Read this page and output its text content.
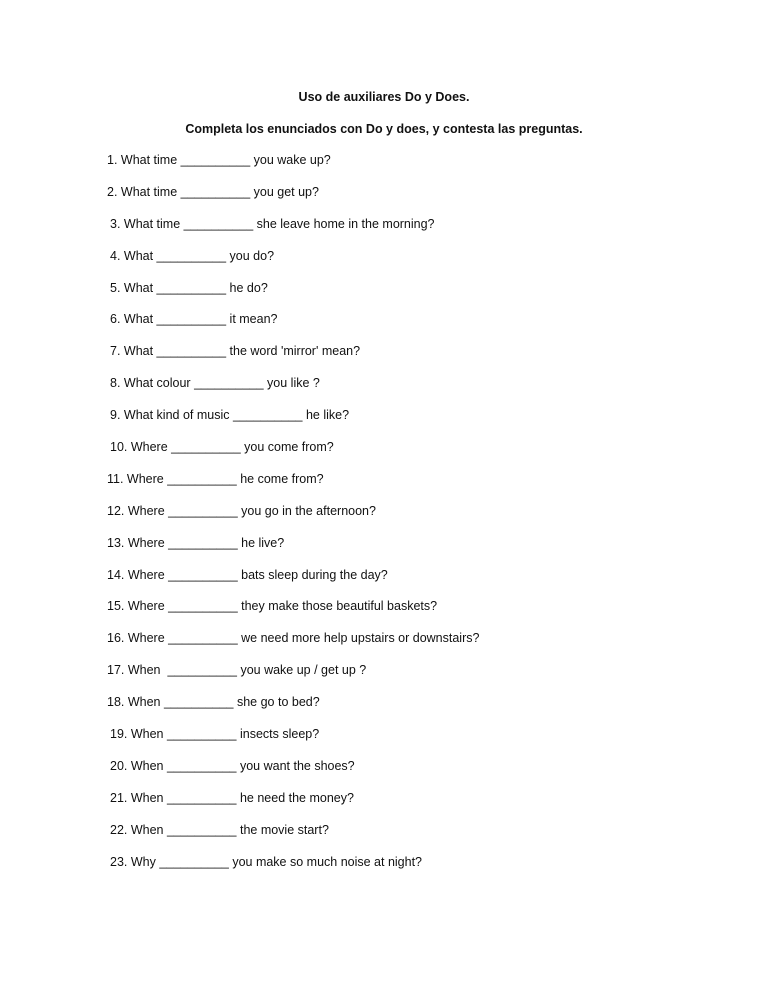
Uso de auxiliares Do y Does.
Completa los enunciados con Do y does, y contesta las preguntas.
1. What time __________ you wake up?
2. What time __________ you get up?
3. What time __________ she leave home in the morning?
4. What __________ you do?
5. What __________ he do?
6. What __________ it mean?
7. What __________ the word 'mirror' mean?
8. What colour __________ you like ?
9. What kind of music __________ he like?
10. Where __________ you come from?
11. Where __________ he come from?
12. Where __________ you go in the afternoon?
13. Where __________ he live?
14. Where __________ bats sleep during the day?
15. Where __________ they make those beautiful baskets?
16. Where __________ we need more help upstairs or downstairs?
17. When  __________ you wake up / get up ?
18. When __________ she go to bed?
19. When __________ insects sleep?
20. When __________ you want the shoes?
21. When __________ he need the money?
22. When __________ the movie start?
23. Why __________ you make so much noise at night?
